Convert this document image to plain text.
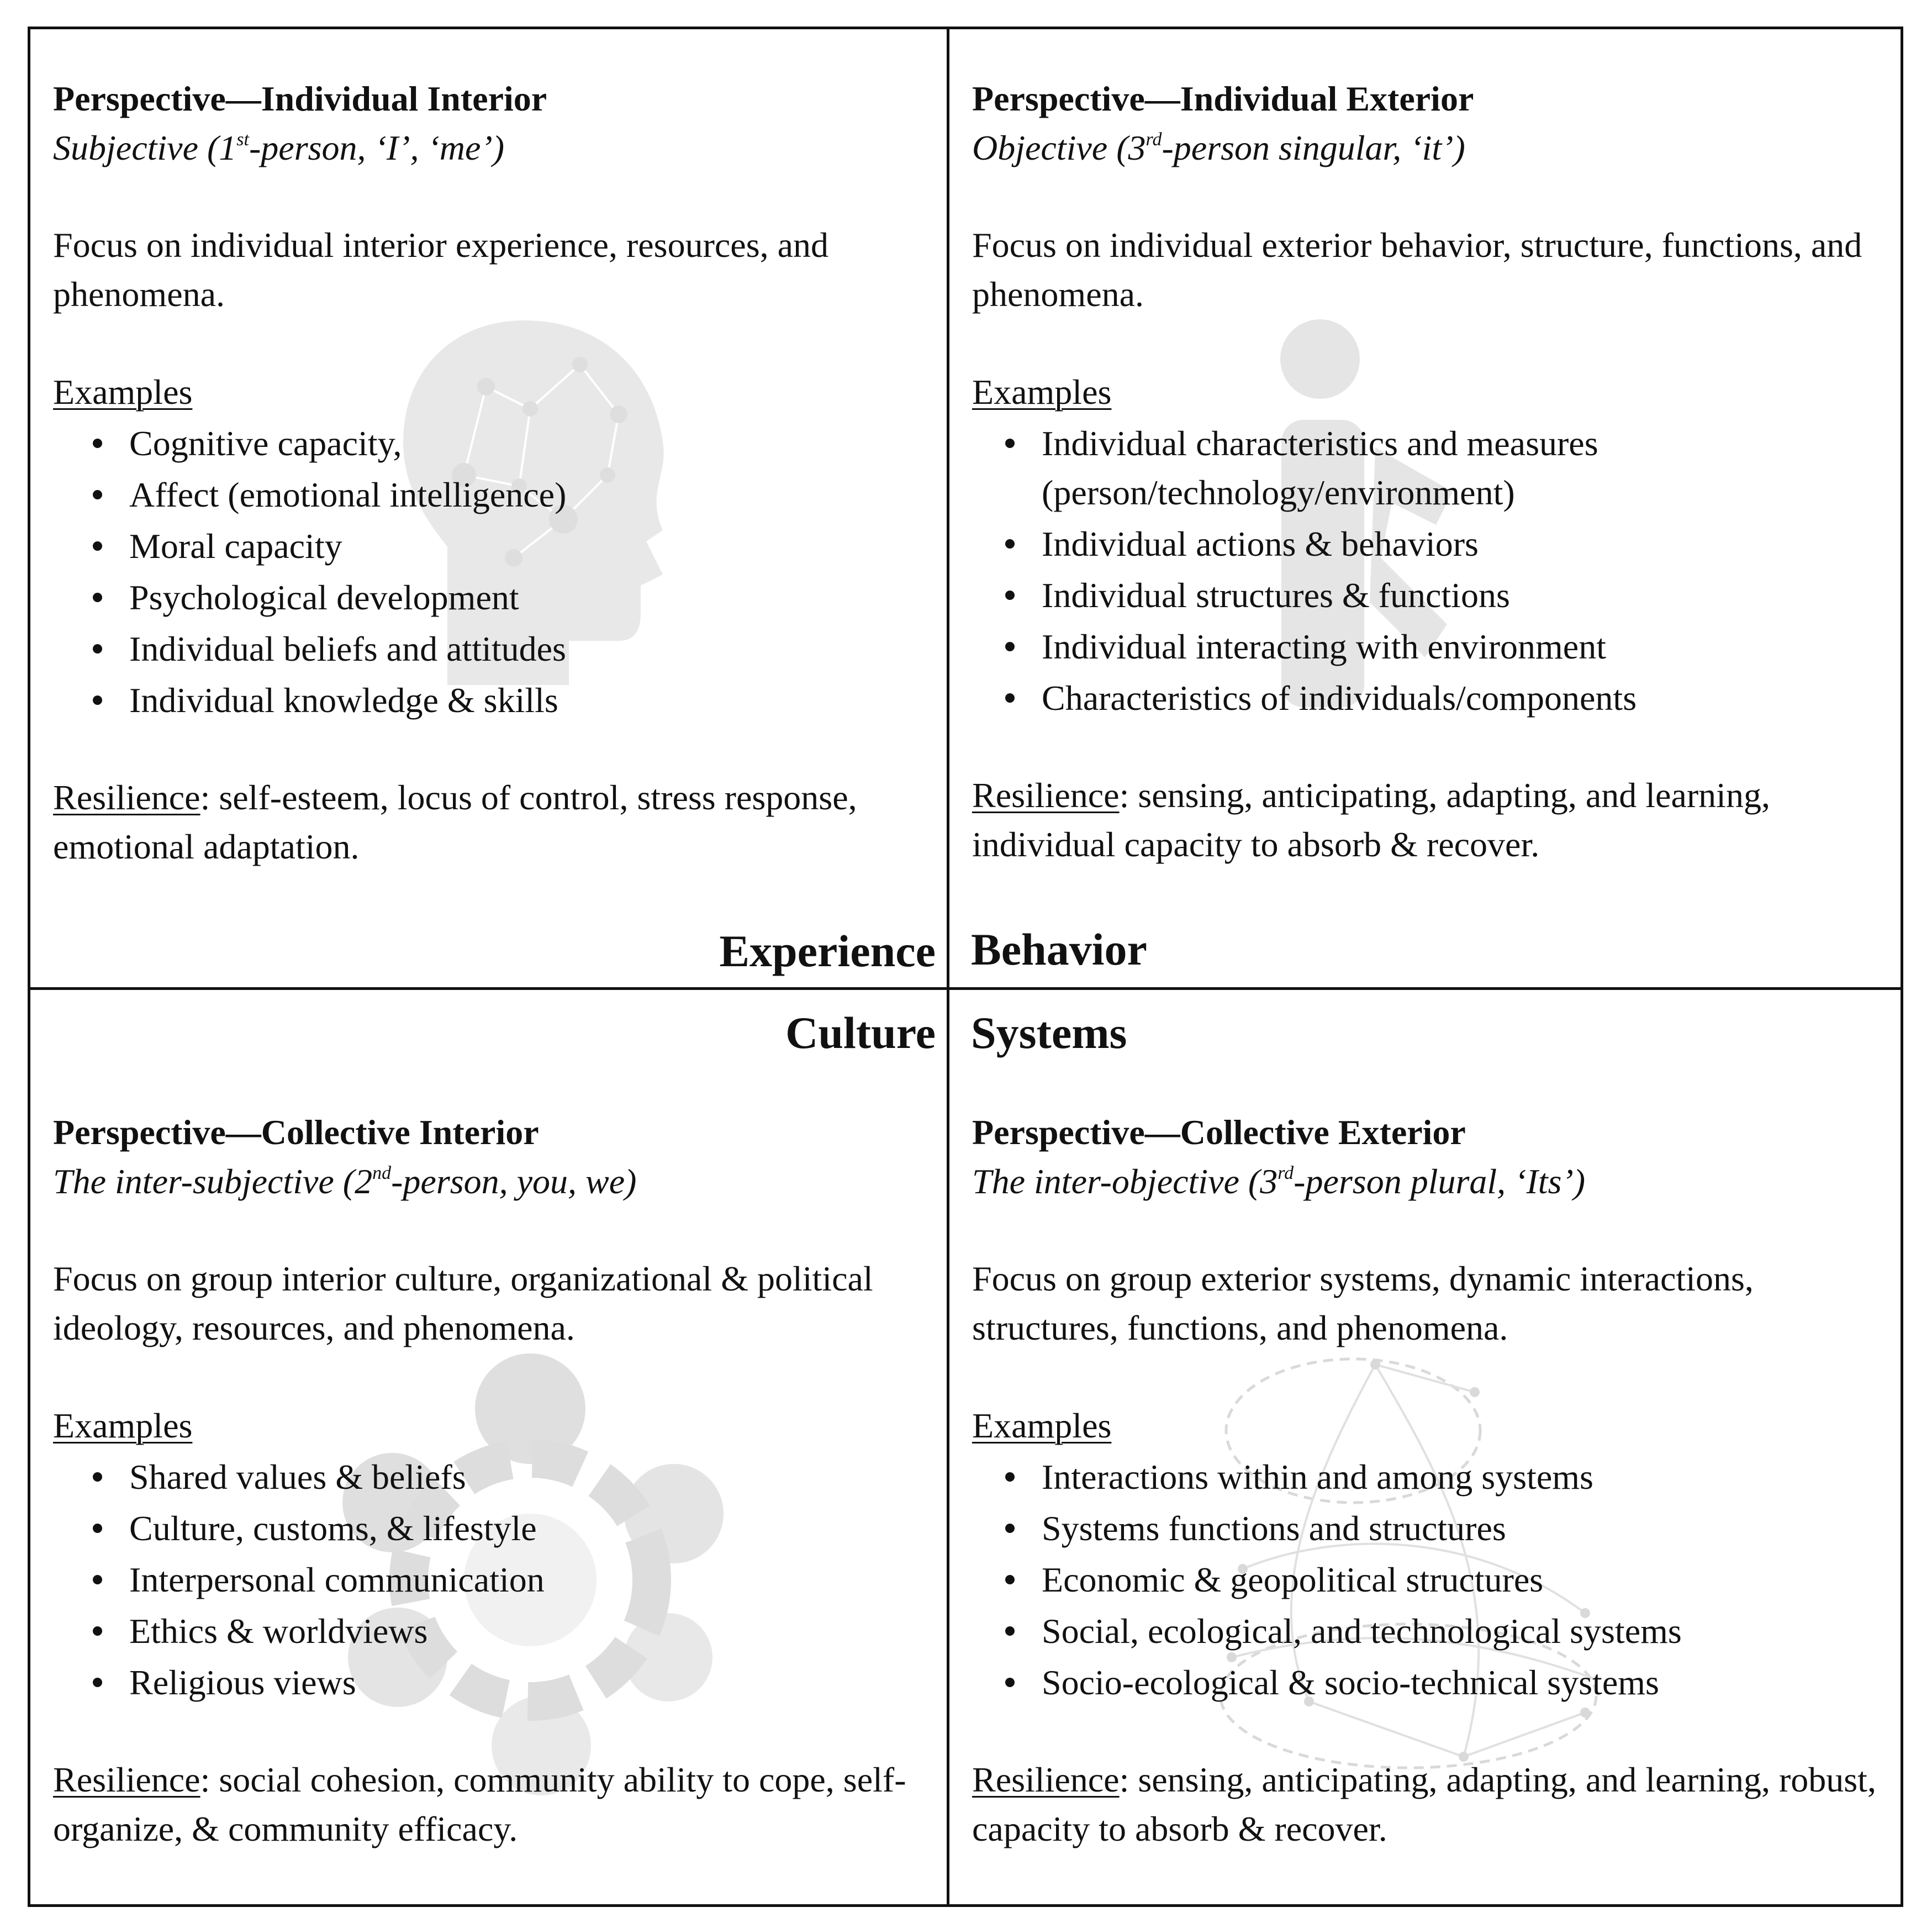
Perspective—Individual Interior

Subjective (1st-person, ‘I’, ‘me’)

Focus on individual interior experience, resources, and phenomena.

Examples
Cognitive capacity,
Affect (emotional intelligence)
Moral capacity
Psychological development
Individual beliefs and attitudes
Individual knowledge & skills

Resilience: self-esteem, locus of control, stress response, emotional adaptation.

Experience

Perspective—Individual Exterior

Objective (3rd-person singular, ‘it’)

Focus on individual exterior behavior, structure, functions, and phenomena.

Examples
Individual characteristics and measures (person/technology/environment)
Individual actions & behaviors
Individual structures & functions
Individual interacting with environment
Characteristics of individuals/components

Resilience: sensing, anticipating, adapting, and learning, individual capacity to absorb & recover.

Behavior
Culture

Perspective—Collective Interior

The inter-subjective (2nd-person, you, we)

Focus on group interior culture, organizational & political ideology, resources, and phenomena.

Examples
Shared values & beliefs
Culture, customs, & lifestyle
Interpersonal communication
Ethics & worldviews
Religious views

Resilience: social cohesion, community ability to cope, self-organize, & community efficacy.

Systems

Perspective—Collective Exterior

The inter-objective (3rd-person plural, ‘Its’)

Focus on group exterior systems, dynamic interactions, structures, functions, and phenomena.

Examples
Interactions within and among systems
Systems functions and structures
Economic & geopolitical structures
Social, ecological, and technological systems
Socio-ecological & socio-technical systems

Resilience: sensing, anticipating, adapting, and learning, robust, capacity to absorb & recover.
